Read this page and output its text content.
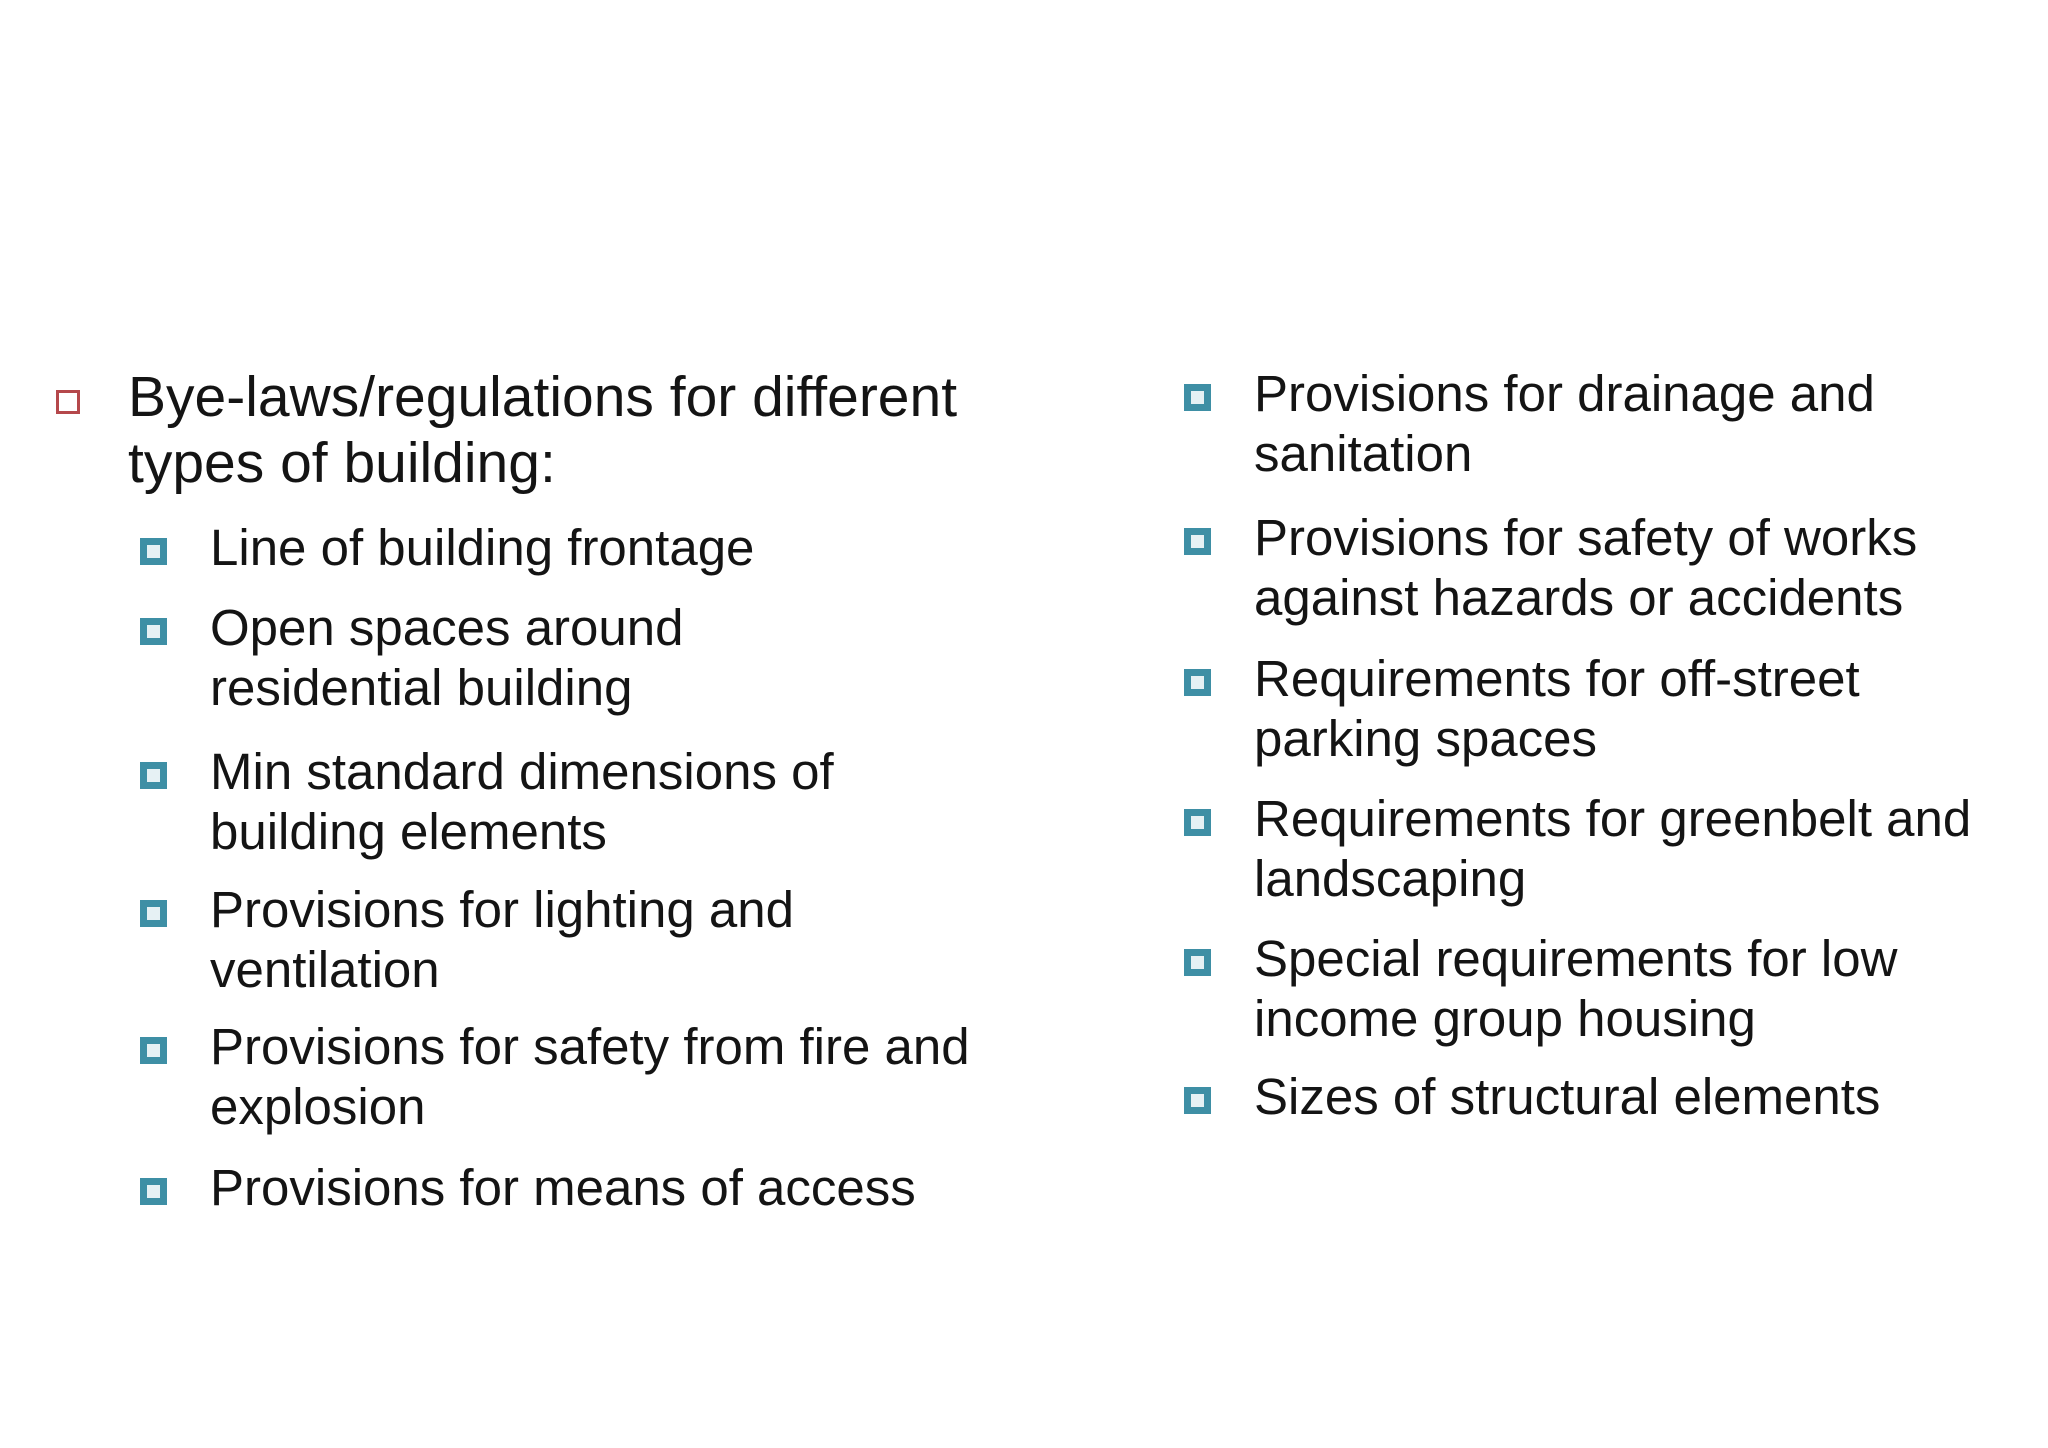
Bye-laws/regulations for different types of building:
Line of building frontage
Open spaces around residential building
Min standard dimensions of building elements
Provisions for lighting and ventilation
Provisions for safety from fire and explosion
Provisions for means of access
Provisions for drainage and sanitation
Provisions for safety of works against hazards or accidents
Requirements for off-street parking spaces
Requirements for greenbelt and landscaping
Special requirements for low income group housing
Sizes of structural elements
